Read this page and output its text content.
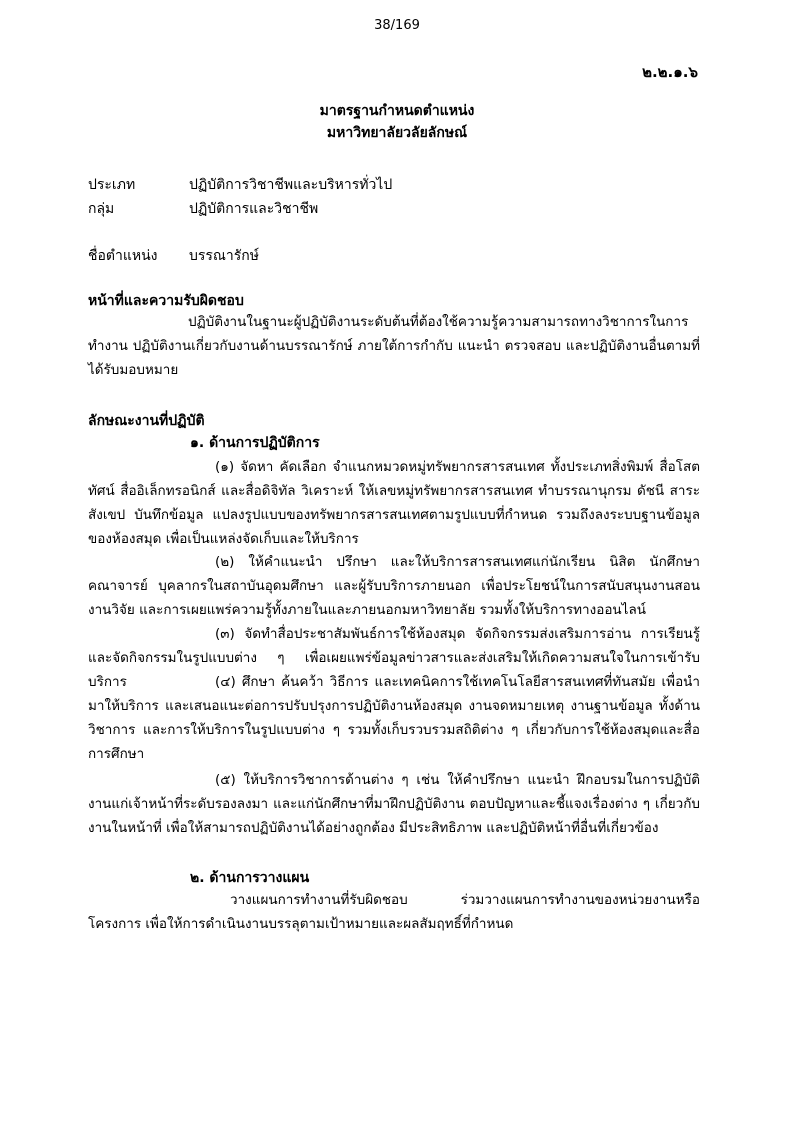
38/169
๒.๒.๑.๖
มาตรฐานกำหนดตำแหน่ง
มหาวิทยาลัยวลัยลักษณ์
ประเภท	ปฏิบัติการวิชาชีพและบริหารทั่วไป
กลุ่ม	ปฏิบัติการและวิชาชีพ
ชื่อตำแหน่ง บรรณารักษ์
หน้าที่และความรับผิดชอบ

ปฏิบัติงานในฐานะผู้ปฏิบัติงานระดับต้นที่ต้องใช้ความรู้ความสามารถทางวิชาการในการทำงาน ปฏิบัติงานเกี่ยวกับงานด้านบรรณารักษ์ ภายใต้การกำกับ แนะนำ ตรวจสอบ และปฏิบัติงานอื่นตามที่ได้รับมอบหมาย

ลักษณะงานที่ปฏิบัติ
๑. ด้านการปฏิบัติการ

(๑) จัดหา คัดเลือก จำแนกหมวดหมู่ทรัพยากรสารสนเทศ ทั้งประเภทสิ่งพิมพ์ สื่อโสตทัศน์ สื่ออิเล็กทรอนิกส์ และสื่อดิจิทัล วิเคราะห์ ให้เลขหมู่ทรัพยากรสารสนเทศ ทำบรรณานุกรม ดัชนี สาระสังเขป บันทึกข้อมูล แปลงรูปแบบของทรัพยากรสารสนเทศตามรูปแบบที่กำหนด รวมถึงลงระบบฐานข้อมูลของห้องสมุด เพื่อเป็นแหล่งจัดเก็บและให้บริการ

(๒) ให้คำแนะนำ ปรึกษา และให้บริการสารสนเทศแก่นักเรียน นิสิต นักศึกษา คณาจารย์ บุคลากรในสถาบันอุดมศึกษา และผู้รับบริการภายนอก เพื่อประโยชน์ในการสนับสนุนงานสอน งานวิจัย และการเผยแพร่ความรู้ทั้งภายในและภายนอกมหาวิทยาลัย รวมทั้งให้บริการทางออนไลน์

(๓) จัดทำสื่อประชาสัมพันธ์การใช้ห้องสมุด จัดกิจกรรมส่งเสริมการอ่าน การเรียนรู้และจัดกิจกรรมในรูปแบบต่าง ๆ เพื่อเผยแพร่ข้อมูลข่าวสารและส่งเสริมให้เกิดความสนใจในการเข้ารับบริการ	(๔) ศึกษา ค้นคว้า วิธีการ และเทคนิคการใช้เทคโนโลยีสารสนเทศที่ทันสมัย เพื่อนำมาให้บริการ และเสนอแนะต่อการปรับปรุงการปฏิบัติงานห้องสมุด งานจดหมายเหตุ งานฐานข้อมูล ทั้งด้านวิชาการ และการให้บริการในรูปแบบต่าง ๆ รวมทั้งเก็บรวบรวมสถิติต่าง ๆ เกี่ยวกับการใช้ห้องสมุดและสื่อการศึกษา

(๕) ให้บริการวิชาการด้านต่าง ๆ เช่น ให้คำปรึกษา แนะนำ ฝึกอบรมในการปฏิบัติงานแก่เจ้าหน้าที่ระดับรองลงมา และแก่นักศึกษาที่มาฝึกปฏิบัติงาน ตอบปัญหาและชี้แจงเรื่องต่าง ๆ เกี่ยวกับงานในหน้าที่ เพื่อให้สามารถปฏิบัติงานได้อย่างถูกต้อง มีประสิทธิภาพ และปฏิบัติหน้าที่อื่นที่เกี่ยวข้อง

๒. ด้านการวางแผน

วางแผนการทำงานที่รับผิดชอบ ร่วมวางแผนการทำงานของหน่วยงานหรือโครงการ เพื่อให้การดำเนินงานบรรลุตามเป้าหมายและผลสัมฤทธิ์ที่กำหนด
